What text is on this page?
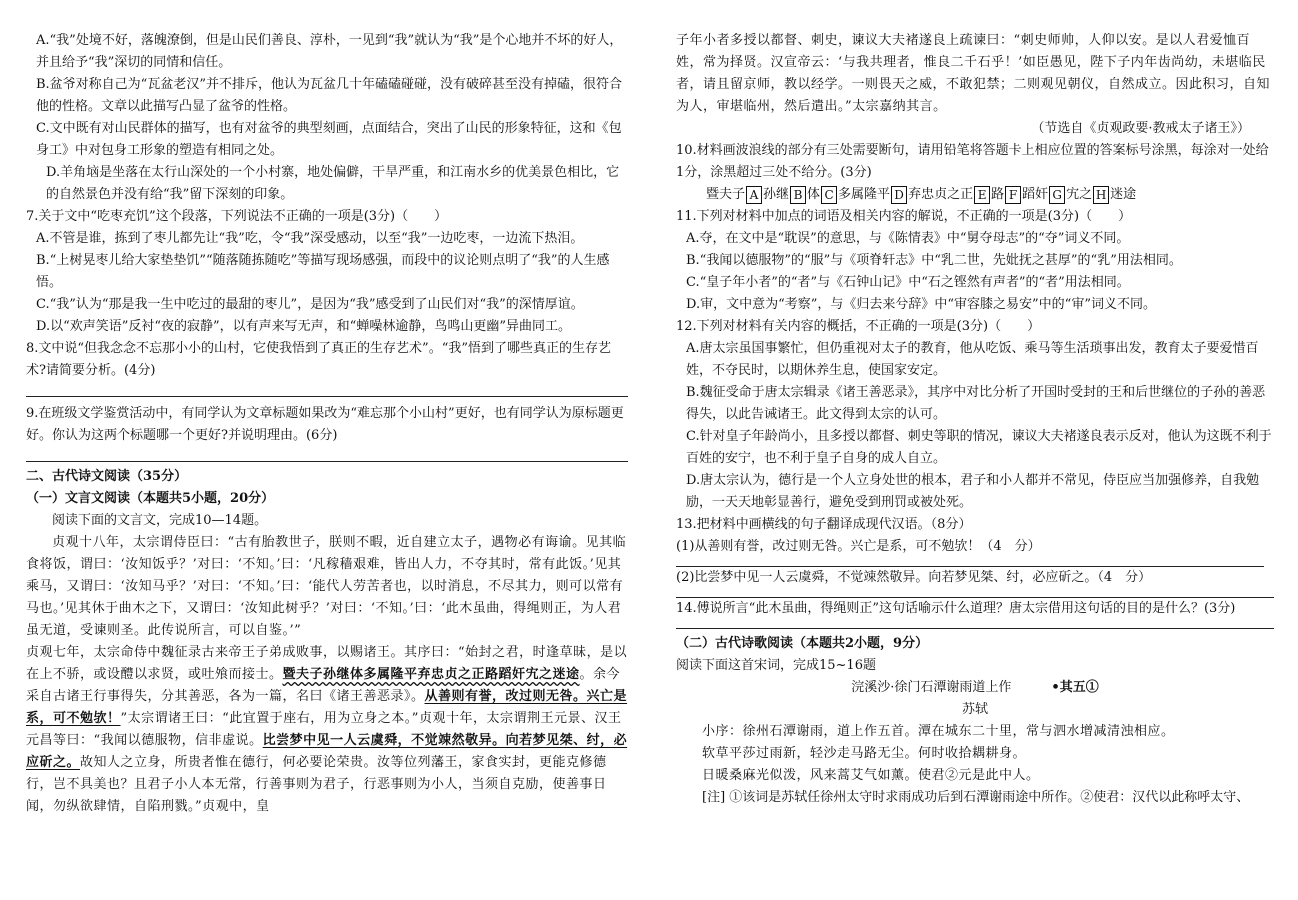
A.“我”处境不好，落魄潦倒，但是山民们善良、淳朴，一见到“我”就认为“我”是个心地并不坏的好人，并且给予“我”深切的同情和信任。

B.盆爷对称自己为“瓦盆老汉”并不排斥，他认为瓦盆几十年磕磕碰碰，没有破碎甚至没有掉磕，很符合他的性格。文章以此描写凸显了盆爷的性格。

C.文中既有对山民群体的描写，也有对盆爷的典型刻画，点面结合，突出了山民的形象特征，这和《包身工》中对包身工形象的塑造有相同之处。

D.羊角垴是坐落在太行山深处的一个小村寨，地处偏僻，干旱严重，和江南水乡的优美景色相比，它的自然景色并没有给“我”留下深刻的印象。

7.关于文中“吃枣充饥”这个段落，下列说法不正确的一项是(3分)（　　）

A.不管是谁，拣到了枣儿都先让“我”吃，令“我”深受感动，以至“我”一边吃枣，一边流下热泪。

B.“上树晃枣儿给大家垫垫饥”“随落随拣随吃”等描写现场感强，而段中的议论则点明了“我”的人生感悟。

C.“我”认为“那是我一生中吃过的最甜的枣儿”，是因为“我”感受到了山民们对“我”的深情厚谊。

D.以“欢声笑语”反衬“夜的寂静”，以有声来写无声，和“蝉噪林逾静，鸟鸣山更幽”异曲同工。

8.文中说“但我念念不忘那小小的山村，它使我悟到了真正的生存艺术”。“我”悟到了哪些真正的生存艺术?请简要分析。(4分)

9.在班级文学鉴赏活动中，有同学认为文章标题如果改为“难忘那个小山村”更好，也有同学认为原标题更好。你认为这两个标题哪一个更好?并说明理由。(6分)

二、古代诗文阅读（35分）

（一）文言文阅读（本题共5小题，20分）

阅读下面的文言文，完成10—14题。

贞观十八年，太宗谓侍臣曰：“古有胎教世子，朕则不暇，近自建立太子，遇物必有诲谕。见其临食将饭，谓曰：‘汝知饭乎？’对曰：‘不知。’曰：‘凡稼穑艰难，皆出人力，不夺其时，常有此饭。’见其乘马，又谓曰：‘汝知马乎？’对曰：‘不知。’曰：‘能代人劳苦者也，以时消息，不尽其力，则可以常有马也。’见其休于曲木之下，又谓曰：‘汝知此树乎？’对曰：‘不知。’曰：‘此木虽曲，得绳则正，为人君虽无道，受谏则圣。此传说所言，可以自鉴。’”

贞观七年，太宗命侍中魏征录古来帝王子弟成败事，以赐诸王。其序曰：“始封之君，时逢草昧，是以在上不骄，或设醴以求贤，或吐飧而接士。暨夫子孙继体多属隆平弃忠贞之正路蹈奸宄之迷途。余今采自古诸王行事得失，分其善恶，各为一篇，名曰《诸王善恶录》。从善则有誉，改过则无咎。兴亡是系，可不勉欤！”太宗谓诸王曰：“此宜置于座右，用为立身之本。”贞观十年，太宗谓荆王元景、汉王元昌等曰：“我闻以德服物，信非虚说。比尝梦中见一人云虞舜，不觉竦然敬异。向若梦见桀、纣，必应斫之。故知人之立身，所贵者惟在德行，何必要论荣贵。汝等位列藩王，家食实封，更能克修德行，岂不具美也？且君子小人本无常，行善事则为君子，行恶事则为小人，当须自克励，使善事日闻，勿纵欲肆情，自陷刑戮。”贞观中，皇

子年小者多授以都督、刺史，谏议大夫褚遂良上疏谏曰：“刺史师帅，人仰以安。是以人君爱恤百姓，常为择贤。汉宣帝云：‘与我共理者，惟良二千石乎！’如臣愚见，陛下子内年齿尚幼，未堪临民者，请且留京师，教以经学。一则畏天之威，不敢犯禁；二则观见朝仪，自然成立。因此积习，自知为人，审堪临州，然后遣出。”太宗嘉纳其言。

（节选自《贞观政要·教戒太子诸王》）

10.材料画波浪线的部分有三处需要断句，请用铅笔将答题卡上相应位置的答案标号涂黑，每涂对一处给1分，涂黑超过三处不给分。(3分)

暨夫子 A 孙继 B 体 C 多属隆平 D 弃忠贞之正 E 路 F 蹈奸 G 宄之 H 迷途

11.下列对材料中加点的词语及相关内容的解说，不正确的一项是(3分)（　　）

A.夺，在文中是“耽误”的意思，与《陈情表》中“舅夺母志”的“夺”词义不同。

B.“我闻以德服物”的“服”与《项脊轩志》中“乳二世，先妣抚之甚厚”的“乳”用法相同。

C.“皇子年小者”的“者”与《石钟山记》中“石之铿然有声者”的“者”用法相同。

D.审，文中意为“考察”，与《归去来兮辞》中“审容膝之易安”中的“审”词义不同。

12.下列对材料有关内容的概括，不正确的一项是(3分)（　　）

A.唐太宗虽国事繁忙，但仍重视对太子的教育，他从吃饭、乘马等生活琐事出发，教育太子要爱惜百姓，不夺民时，以期休养生息，使国家安定。

B.魏征受命于唐太宗辑录《诸王善恶录》，其序中对比分析了开国时受封的王和后世继位的子孙的善恶得失，以此告诫诸王。此文得到太宗的认可。

C.针对皇子年龄尚小，且多授以都督、刺史等职的情况，谏议大夫褚遂良表示反对，他认为这既不利于百姓的安宁，也不利于皇子自身的成人自立。

D.唐太宗认为，德行是一个人立身处世的根本，君子和小人都并不常见，侍臣应当加强修养，自我勉励，一天天地彰显善行，避免受到刑罚或被处死。

13.把材料中画横线的句子翻译成现代汉语。（8分）

(1)从善则有誉，改过则无咎。兴亡是系，可不勉欤！（4　分）

(2)比尝梦中见一人云虞舜，不觉竦然敬异。向若梦见桀、纣，必应斫之。（4　分）

14.傅说所言“此木虽曲，得绳则正”这句话喻示什么道理？唐太宗借用这句话的目的是什么？(3分)

（二）古代诗歌阅读（本题共2小题，9分）

阅读下面这首宋词，完成15~16题

浣溪沙·徐门石潭谢雨道上作	•其五①

苏轼

小序：徐州石潭谢雨，道上作五首。潭在城东二十里，常与泗水增减清浊相应。

软草平莎过雨新，轻沙走马路无尘。何时收拾耦耕身。

日暖桑麻光似泼，风来蒿艾气如薰。使君②元是此中人。

[注] ①该词是苏轼任徐州太守时求雨成功后到石潭谢雨途中所作。②使君：汉代以此称呼太守、
